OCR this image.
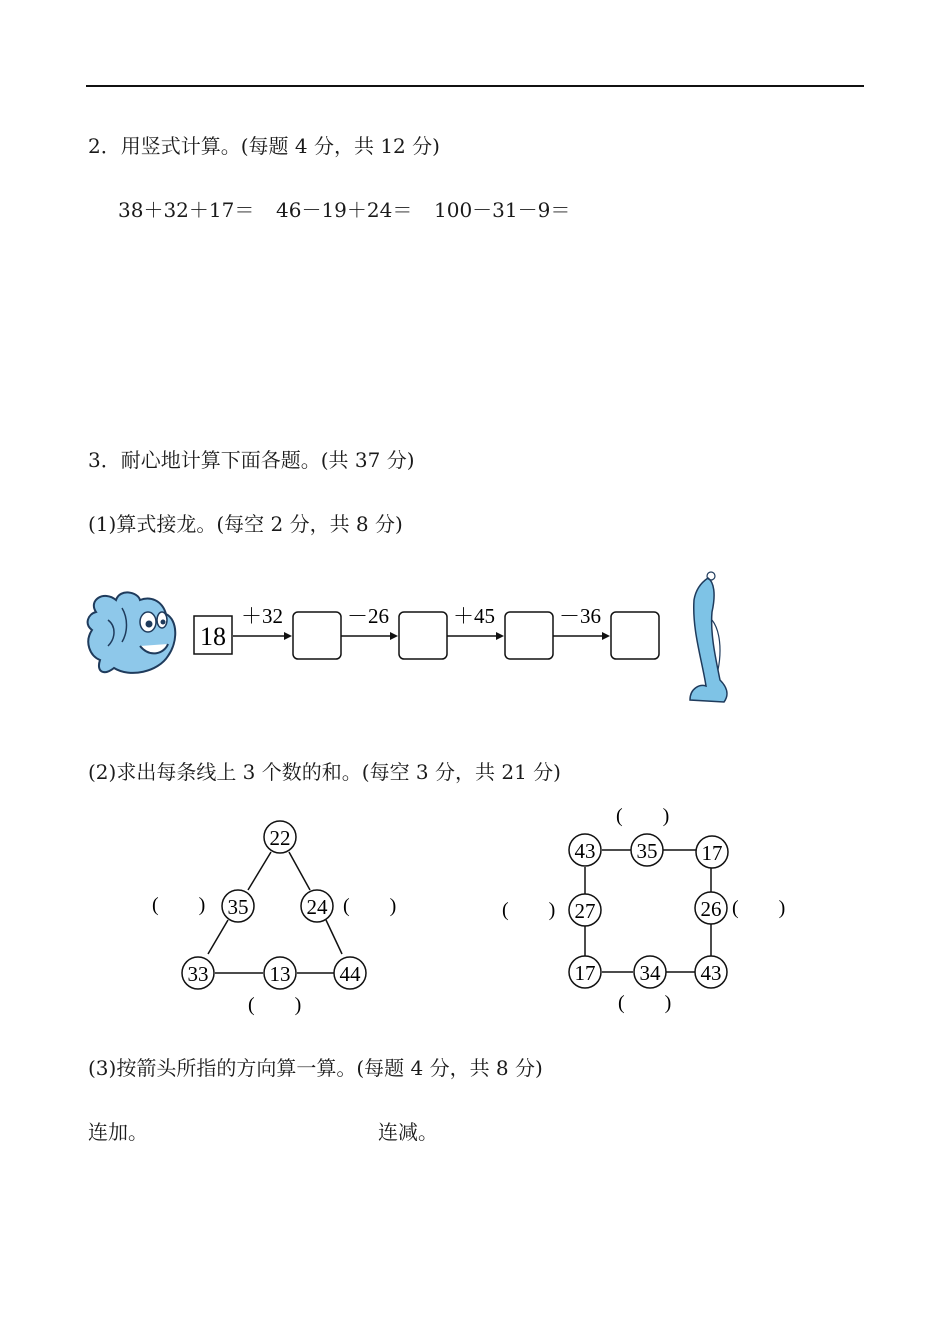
2．用竖式计算。(每题 4 分，共 12 分)
38＋32＋17＝ 46－19＋24＝ 100－31－9＝
3．耐心地计算下面各题。(共 37 分)
(1)算式接龙。(每空 2 分，共 8 分)
18
＋32	－26	＋45	－36
(2)求出每条线上 3 个数的和。(每空 3 分，共 21 分)
22
35	24
33	13 44
(　　)	(　　)
(　　)
43 35 17
27	26
17 34 43
(　　)
(　　)	(　　)
(　　)
(3)按箭头所指的方向算一算。(每题 4 分，共 8 分)
连加。	连减。
